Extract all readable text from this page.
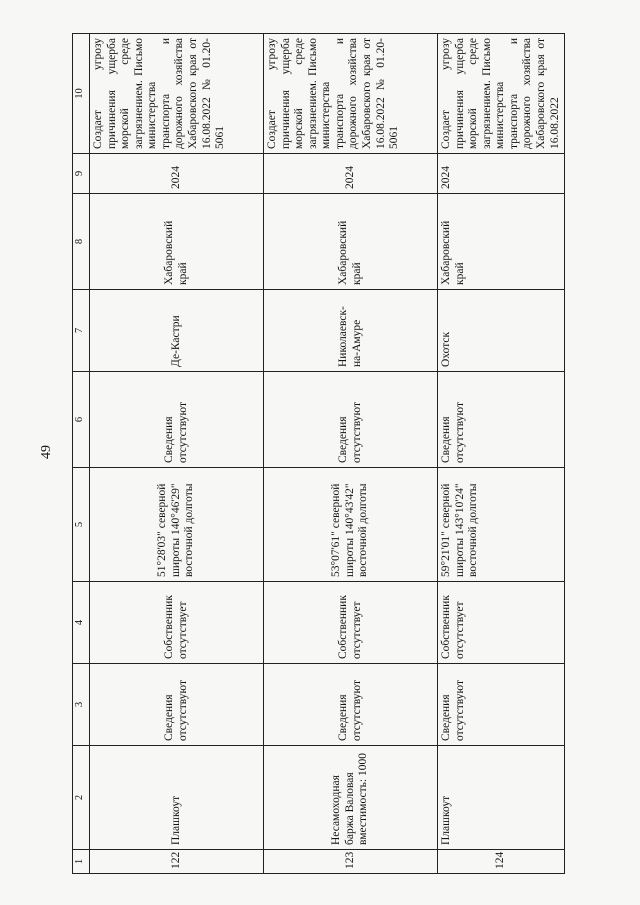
49
1	2	3	4	5	6	7	8	9	10
122	Плашкоут	Сведения отсутствуют	Собственник отсутствует	51°28'03" северной широты 140°46'29" восточной долготы	Сведения отсутствуют	Де-Кастри	Хабаровский край	2024	Создает угрозу причинения ущерба морской среде загрязнением. Письмо министерства транспорта и дорожного хозяйства Хабаровского края от 16.08.2022 № 01.20-5061
123	Несамоходная баржа Валовая вместимость: 1000	Сведения отсутствуют	Собственник отсутствует	53°07'61" северной широты 140°43'42" восточной долготы	Сведения отсутствуют	Николаевск-на-Амуре	Хабаровский край	2024	Создает угрозу причинения ущерба морской среде загрязнением. Письмо министерства транспорта и дорожного хозяйства Хабаровского края от 16.08.2022 № 01.20-5061
124	Плашкоут	Сведения отсутствуют	Собственник отсутствует	59°21'01" северной широты 143°10'24" восточной долготы	Сведения отсутствуют	Охотск	Хабаровский край	2024	Создает угрозу причинения ущерба морской среде загрязнением. Письмо министерства транспорта и дорожного хозяйства Хабаровского края от 16.08.2022
